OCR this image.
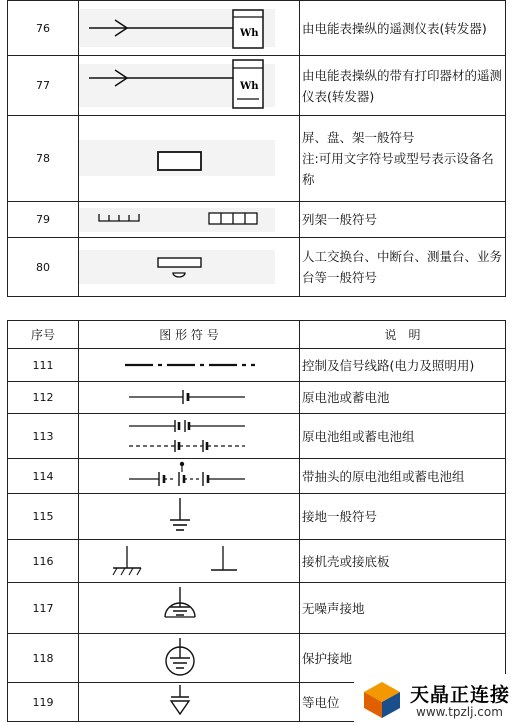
76	Wh	由电能表操纵的遥测仪表(转发器)
77	Wh	由电能表操纵的带有打印器材的遥测仪表(转发器)
78		屏、盘、架一般符号
注:可用文字符号或型号表示设备名称

79		列架一般符号
80		人工交换台、中断台、测量台、业务台等一般符号
序号	图 形 符 号	说　明
111		控制及信号线路(电力及照明用)
112		原电池或蓄电池
113		原电池组或蓄电池组
114		带抽头的原电池组或蓄电池组
115		接地一般符号
116		接机壳或接底板
117		无噪声接地
118		保护接地
119		等电位	天晶正连接
www.tpzlj.com
